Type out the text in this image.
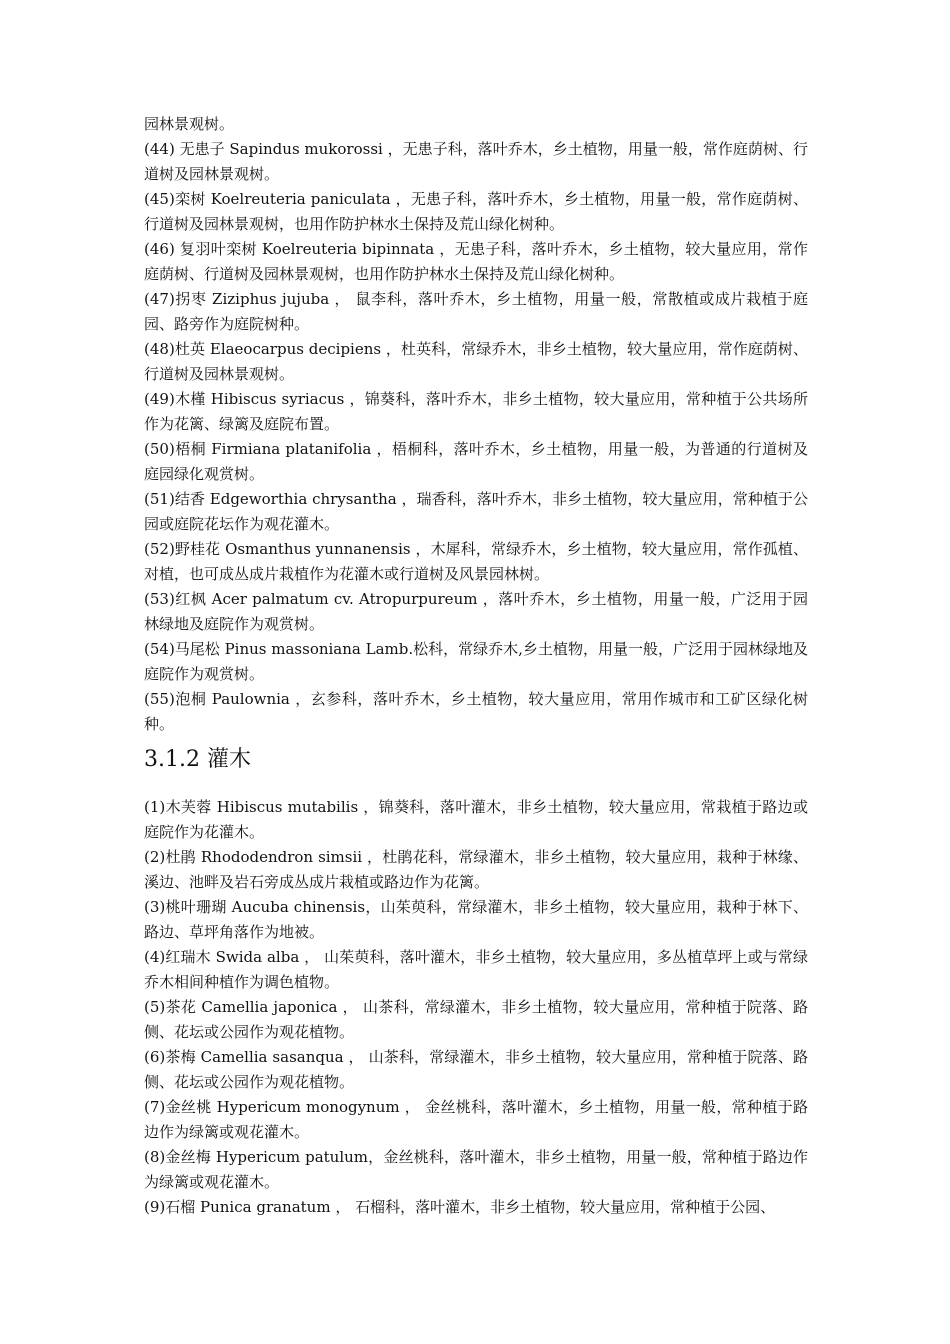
园林景观树。

(44) 无患子 Sapindus mukorossi ，无患子科，落叶乔木，乡土植物，用量一般，常作庭荫树、行道树及园林景观树。

(45)栾树 Koelreuteria paniculata ，无患子科，落叶乔木，乡土植物，用量一般，常作庭荫树、行道树及园林景观树，也用作防护林水土保持及荒山绿化树种。

(46) 复羽叶栾树 Koelreuteria bipinnata ，无患子科，落叶乔木，乡土植物，较大量应用，常作庭荫树、行道树及园林景观树，也用作防护林水土保持及荒山绿化树种。

(47)拐枣 Ziziphus jujuba ， 鼠李科，落叶乔木，乡土植物，用量一般，常散植或成片栽植于庭园、路旁作为庭院树种。

(48)杜英 Elaeocarpus decipiens ，杜英科，常绿乔木，非乡土植物，较大量应用，常作庭荫树、行道树及园林景观树。

(49)木槿 Hibiscus syriacus ，锦葵科，落叶乔木，非乡土植物，较大量应用，常种植于公共场所作为花篱、绿篱及庭院布置。

(50)梧桐 Firmiana platanifolia ，梧桐科，落叶乔木，乡土植物，用量一般，为普通的行道树及庭园绿化观赏树。

(51)结香 Edgeworthia chrysantha ，瑞香科，落叶乔木，非乡土植物，较大量应用，常种植于公园或庭院花坛作为观花灌木。

(52)野桂花 Osmanthus yunnanensis ，木犀科，常绿乔木，乡土植物，较大量应用，常作孤植、对植，也可成丛成片栽植作为花灌木或行道树及风景园林树。

(53)红枫 Acer palmatum cv. Atropurpureum ，落叶乔木，乡土植物，用量一般，广泛用于园林绿地及庭院作为观赏树。

(54)马尾松 Pinus massoniana Lamb.松科，常绿乔木,乡土植物，用量一般，广泛用于园林绿地及庭院作为观赏树。

(55)泡桐 Paulownia ，玄参科，落叶乔木，乡土植物，较大量应用，常用作城市和工矿区绿化树种。

3.1.2 灌木

(1)木芙蓉 Hibiscus mutabilis ，锦葵科，落叶灌木，非乡土植物，较大量应用，常栽植于路边或庭院作为花灌木。

(2)杜鹃 Rhododendron simsii ，杜鹃花科，常绿灌木，非乡土植物，较大量应用，栽种于林缘、溪边、池畔及岩石旁成丛成片栽植或路边作为花篱。

(3)桃叶珊瑚 Aucuba chinensis，山茱萸科，常绿灌木，非乡土植物，较大量应用，栽种于林下、路边、草坪角落作为地被。

(4)红瑞木 Swida alba ， 山茱萸科，落叶灌木，非乡土植物，较大量应用，多丛植草坪上或与常绿乔木相间种植作为调色植物。

(5)茶花 Camellia japonica ， 山茶科，常绿灌木，非乡土植物，较大量应用，常种植于院落、路侧、花坛或公园作为观花植物。

(6)茶梅 Camellia sasanqua ， 山茶科，常绿灌木，非乡土植物，较大量应用，常种植于院落、路侧、花坛或公园作为观花植物。

(7)金丝桃 Hypericum monogynum ， 金丝桃科，落叶灌木，乡土植物，用量一般，常种植于路边作为绿篱或观花灌木。

(8)金丝梅 Hypericum patulum，金丝桃科，落叶灌木，非乡土植物，用量一般，常种植于路边作为绿篱或观花灌木。

(9)石榴 Punica granatum ， 石榴科，落叶灌木，非乡土植物，较大量应用，常种植于公园、
